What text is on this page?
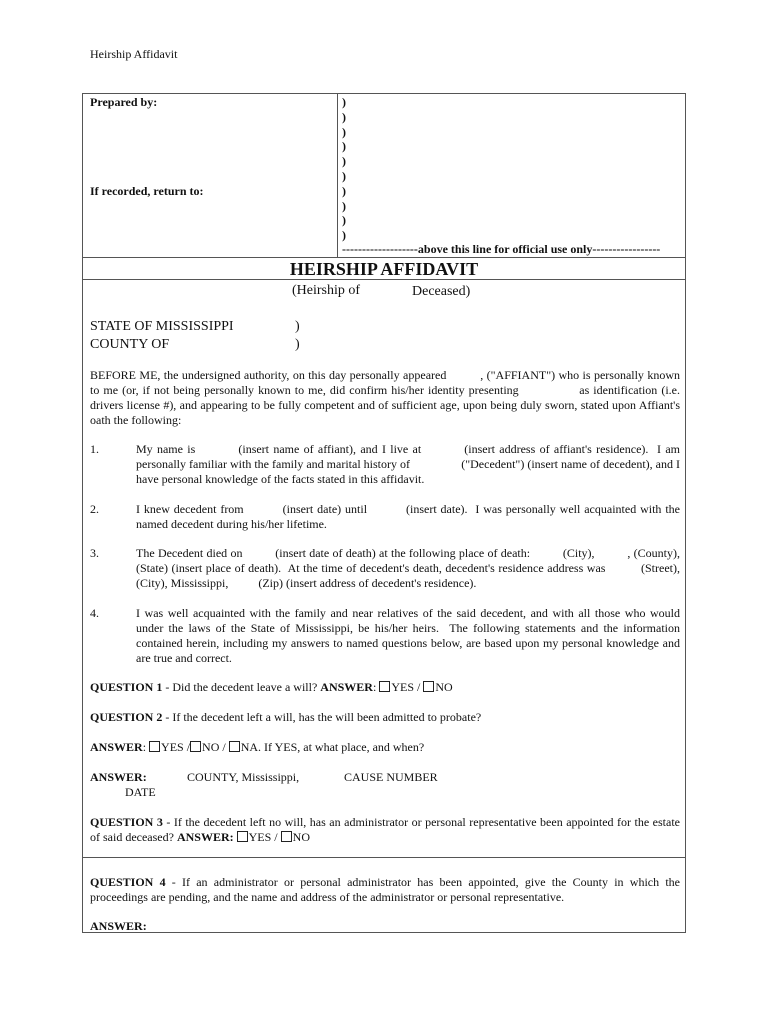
Heirship Affidavit
Prepared by:
If recorded, return to:
)
)
)
)
)
)
)
)
)
)
-------------------above this line for official use only-----------------
HEIRSHIP AFFIDAVIT
(Heirship of	Deceased)
STATE OF MISSISSIPPI
COUNTY OF
)
)
BEFORE ME, the undersigned authority, on this day personally appeared          , ("AFFIANT") who is personally known to me (or, if not being personally known to me, did confirm his/her identity presenting               as identification (i.e. drivers license #), and appearing to be fully competent and of sufficient age, upon being duly sworn, stated upon Affiant's oath the following:
1.	My name is          (insert name of affiant), and I live at          (insert address of affiant's residence).  I am personally familiar with the family and marital history of                 ("Decedent") (insert name of decedent), and I have personal knowledge of the facts stated in this affidavit.
2.	I knew decedent from          (insert date) until          (insert date).  I was personally well acquainted with the named decedent during his/her lifetime.
3.	The Decedent died on          (insert date of death) at the following place of death:          (City),          , (County),          (State) (insert place of death).  At the time of decedent's death, decedent's residence address was          (Street),          (City), Mississippi,          (Zip) (insert address of decedent's residence).
4.	I was well acquainted with the family and near relatives of the said decedent, and with all those who would under the laws of the State of Mississippi, be his/her heirs.  The following statements and the information contained herein, including my answers to named questions below, are based upon my personal knowledge and are true and correct.
QUESTION 1 - Did the decedent leave a will? ANSWER: YES / NO
QUESTION 2 - If the decedent left a will, has the will been admitted to probate?
ANSWER: YES / NO / NA. If YES, at what place, and when?
ANSWER:	COUNTY, Mississippi,	CAUSE NUMBER
DATE
QUESTION 3 - If the decedent left no will, has an administrator or personal representative been appointed for the estate of said deceased? ANSWER: YES / NO
QUESTION 4 - If an administrator or personal administrator has been appointed, give the County in which the proceedings are pending, and the name and address of the administrator or personal representative.
ANSWER:
